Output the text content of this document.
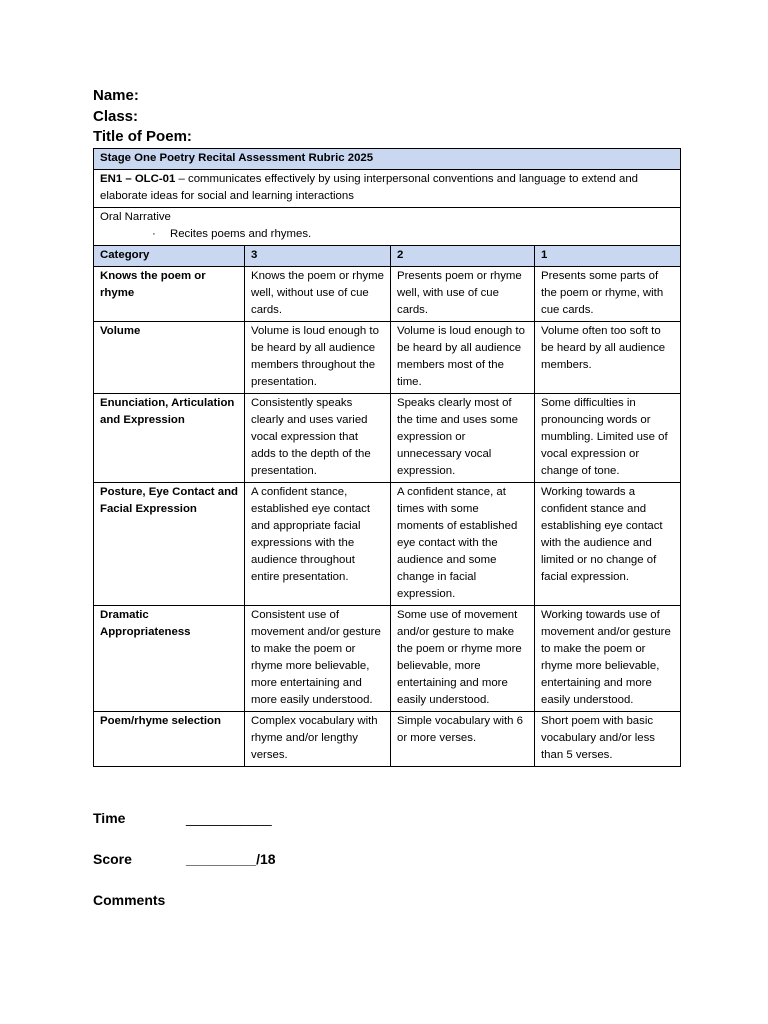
Name:
Class:
Title of Poem:
Stage One Poetry Recital Assessment Rubric 2025			
EN1 – OLC-01 – communicates effectively by using interpersonal conventions and language to extend and elaborate ideas for social and learning interactions			

Oral Narrative
· Recites poems and rhymes.			

Category	3	2	1
Knows the poem or rhyme	Knows the poem or rhyme well, without use of cue cards.	Presents poem or rhyme well, with use of cue cards.	Presents some parts of the poem or rhyme, with cue cards.
Volume	Volume is loud enough to be heard by all audience members throughout the presentation.	Volume is loud enough to be heard by all audience members most of the time.	Volume often too soft to be heard by all audience members.
Enunciation, Articulation and Expression	Consistently speaks clearly and uses varied vocal expression that adds to the depth of the presentation.	Speaks clearly most of the time and uses some expression or unnecessary vocal expression.	Some difficulties in pronouncing words or mumbling. Limited use of vocal expression or change of tone.
Posture, Eye Contact and Facial Expression	A confident stance, established eye contact and appropriate facial expressions with the audience throughout entire presentation.	A confident stance, at times with some moments of established eye contact with the audience and some change in facial expression.	Working towards a confident stance and establishing eye contact with the audience and limited or no change of facial expression.
Dramatic Appropriateness	Consistent use of movement and/or gesture to make the poem or rhyme more believable, more entertaining and more easily understood.	Some use of movement and/or gesture to make the poem or rhyme more believable, more entertaining and more easily understood.	Working towards use of movement and/or gesture to make the poem or rhyme more believable, entertaining and more easily understood.
Poem/rhyme selection	Complex vocabulary with rhyme and/or lengthy verses.	Simple vocabulary with 6 or more verses.	Short poem with basic vocabulary and/or less than 5 verses.
Time	___________
Score	_________/18
Comments
